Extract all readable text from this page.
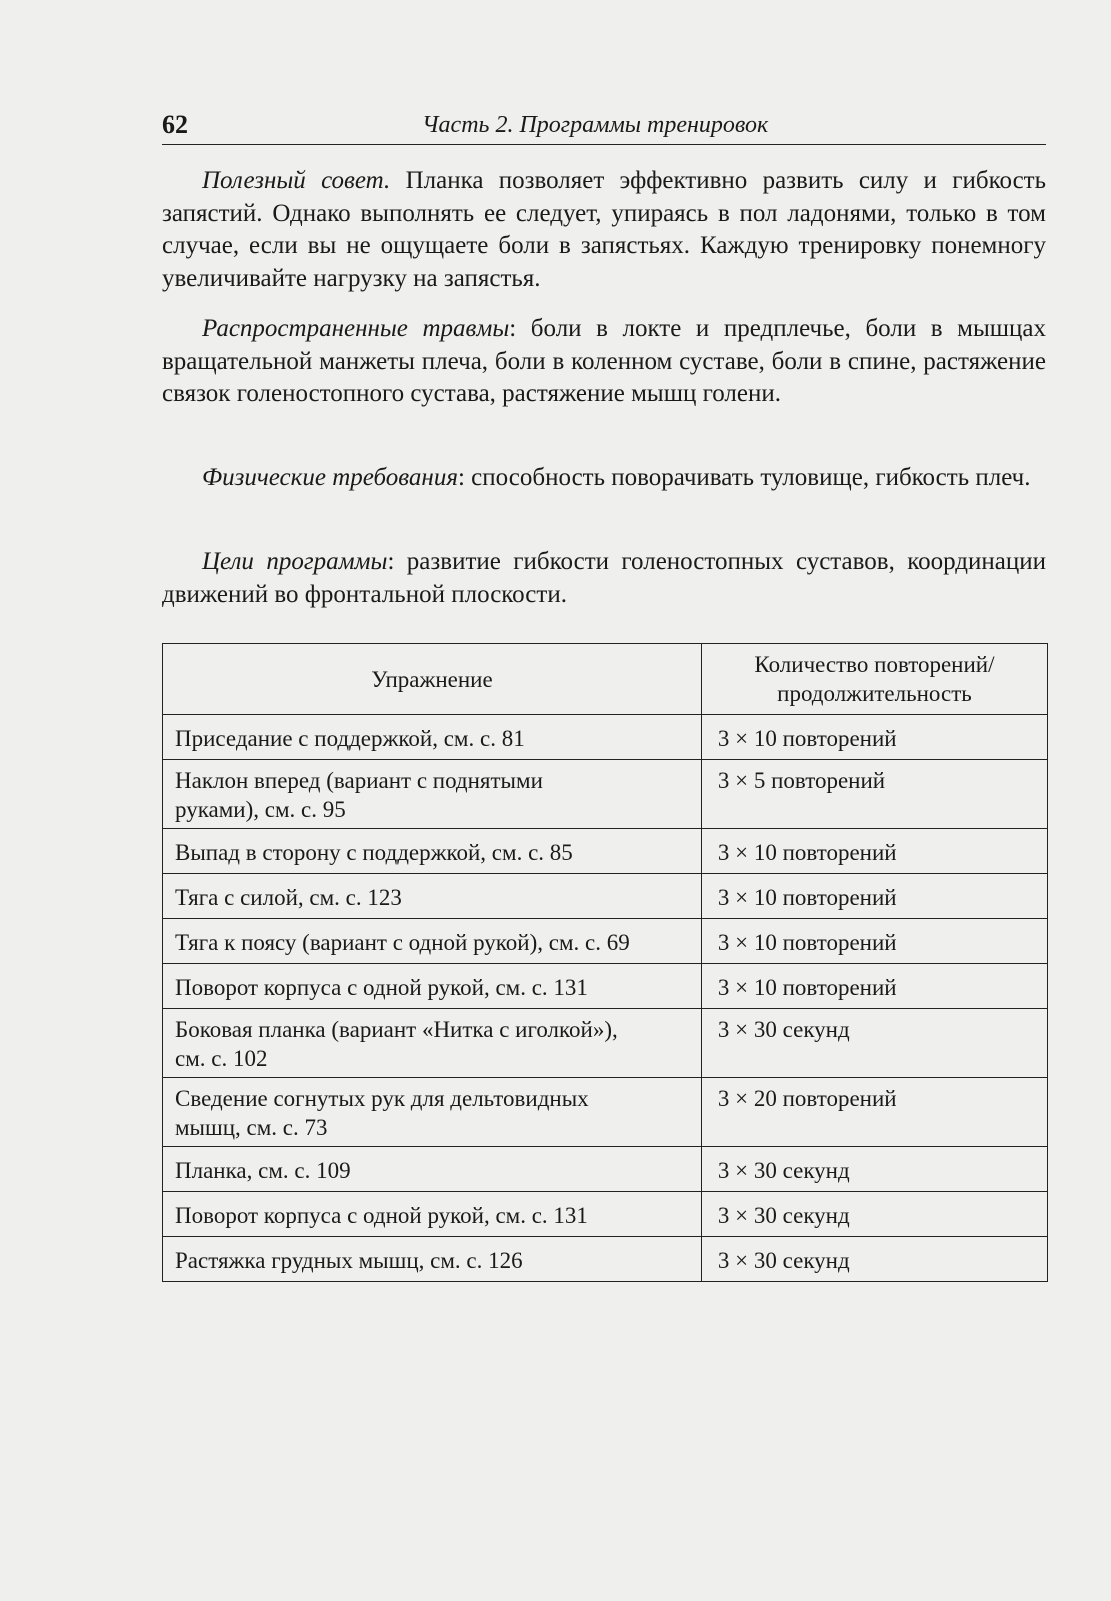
62	Часть 2. Программы тренировок

Полезный совет. Планка позволяет эффективно развить силу и гибкость запястий. Однако выполнять ее следует, упираясь в пол ладонями, только в том случае, если вы не ощущаете боли в запястьях. Каждую тренировку понемногу увеличивайте нагрузку на запястья.

Распространенные травмы: боли в локте и предплечье, боли в мышцах вращательной манжеты плеча, боли в коленном суставе, боли в спине, растяжение связок голеностопного сустава, растяжение мышц голени.

Физические требования: способность поворачивать туловище, гибкость плеч.

Цели программы: развитие гибкости голеностопных суставов, координации движений во фронтальной плоскости.

Упражнение	Количество повторений/
продолжительность

Приседание с поддержкой, см. с. 81	3 × 10 повторений

Наклон вперед (вариант с поднятыми
руками), см. с. 95	3 × 5 повторений

Выпад в сторону с поддержкой, см. с. 85	3 × 10 повторений

Тяга с силой, см. с. 123	3 × 10 повторений

Тяга к поясу (вариант с одной рукой), см. с. 69	3 × 10 повторений

Поворот корпуса с одной рукой, см. с. 131	3 × 10 повторений

Боковая планка (вариант «Нитка с иголкой»),
см. с. 102	3 × 30 секунд

Сведение согнутых рук для дельтовидных
мышц, см. с. 73	3 × 20 повторений

Планка, см. с. 109	3 × 30 секунд

Поворот корпуса с одной рукой, см. с. 131	3 × 30 секунд

Растяжка грудных мышц, см. с. 126	3 × 30 секунд
